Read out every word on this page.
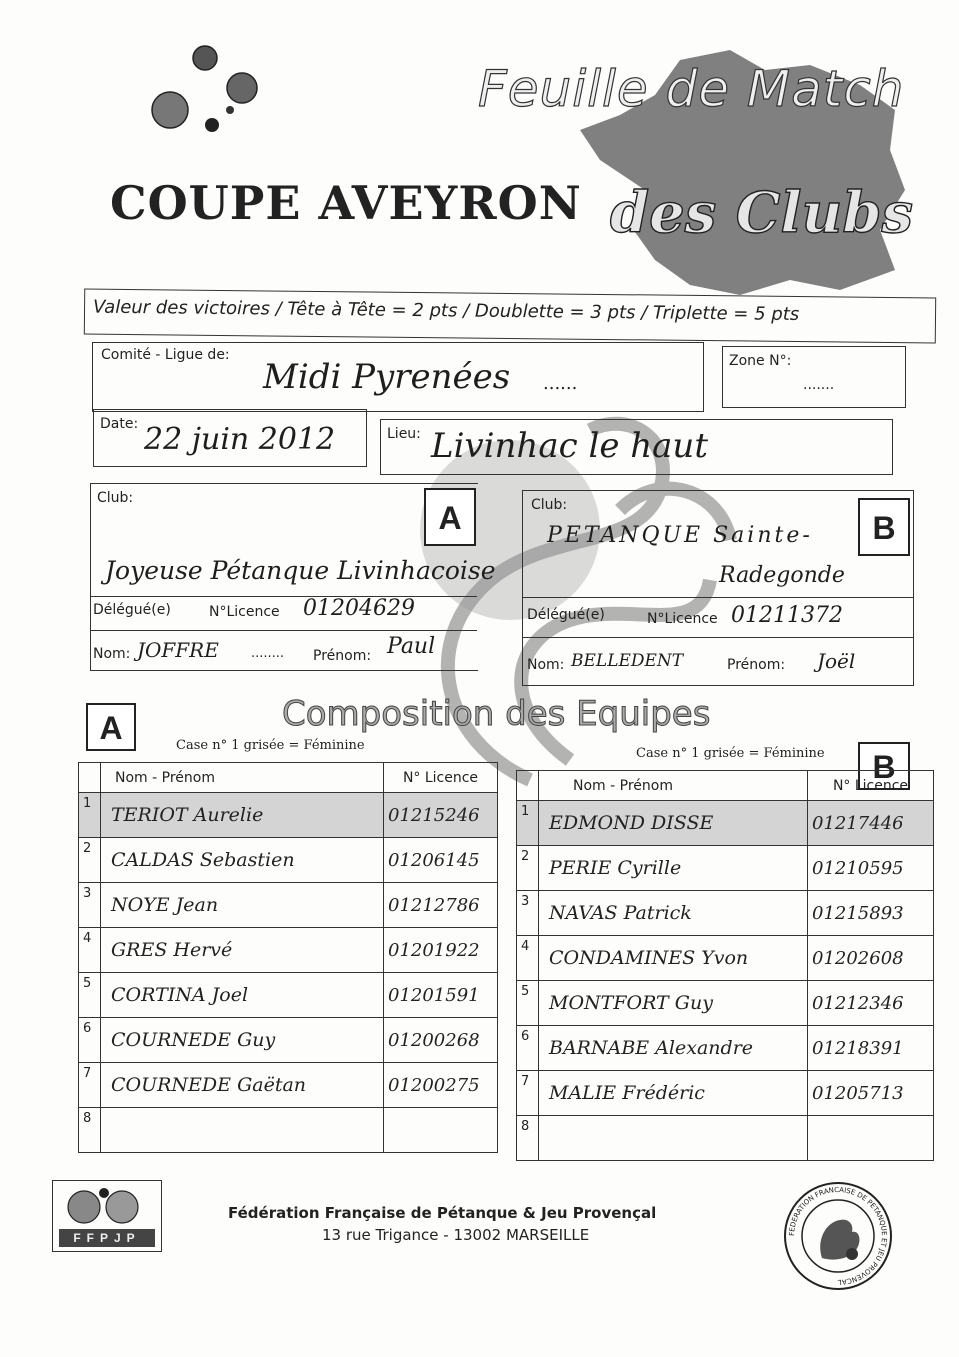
Feuille de Match
COUPE AVEYRON des Clubs
Valeur des victoires / Tête à Tête = 2 pts / Doublette = 3 pts / Triplette = 5 pts
Comité - Ligue de:
Midi Pyrenées ......
Zone N°:
.......
Date: 22 juin 2012	Lieu: Livinhac le haut
Club:
Joyeuse Pétanque Livinhacoise
Délégué(e)	N°Licence 01204629
Nom: JOFFRE ........ Prénom: Paul
A	Club:
PETANQUE Sainte-
Radegonde
Délégué(e)	N°Licence 01211372
Nom: BELLEDENT	Prénom: Joël
B
Composition des Equipes
A	Case n° 1 grisée = Féminine
Case n° 1 grisée = Féminine	B
	Nom - Prénom	N° Licence
1	TERIOT Aurelie	01215246
2	CALDAS Sebastien	01206145
3	NOYE Jean	01212786
4	GRES Hervé	01201922
5	CORTINA Joel	01201591
6	COURNEDE Guy	01200268
7	COURNEDE Gaëtan	01200275
8		
	Nom - Prénom	N° Licence
1	EDMOND DISSE	01217446
2	PERIE Cyrille	01210595
3	NAVAS Patrick	01215893
4	CONDAMINES Yvon	01202608
5	MONTFORT Guy	01212346
6	BARNABE Alexandre	01218391
7	MALIE Frédéric	01205713
8		
FFPJP
Fédération Française de Pétanque & Jeu Provençal
13 rue Trigance - 13002 MARSEILLE	FEDERATION FRANCAISE DE PETANQUE ET JEU PROVENCAL
